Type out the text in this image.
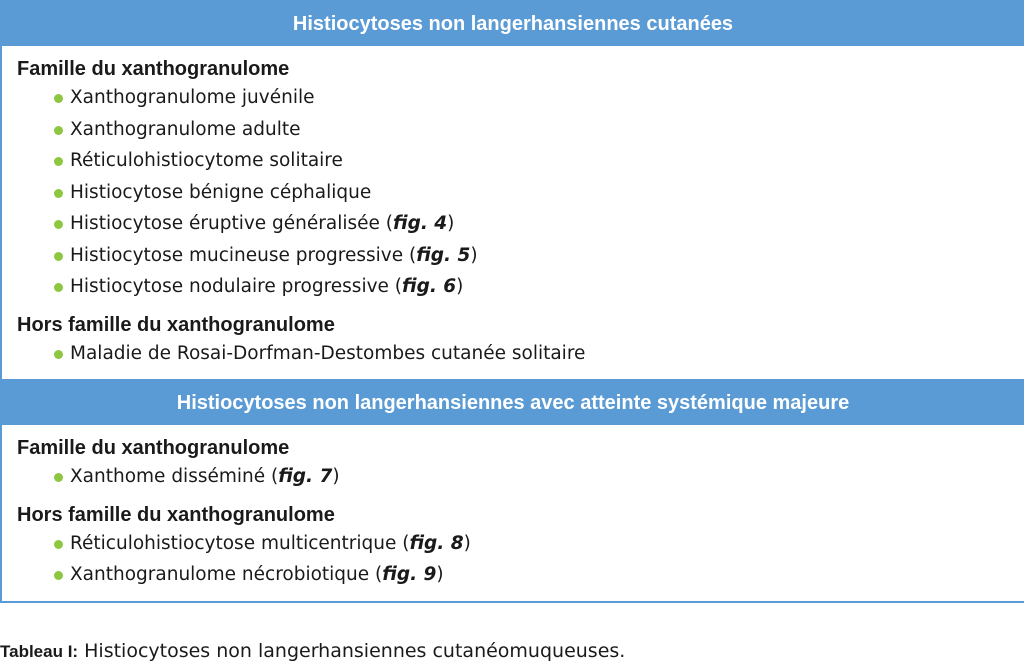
Histiocytoses non langerhansiennes cutanées
Famille du xanthogranulome
Xanthogranulome juvénile
Xanthogranulome adulte
Réticulohistiocytome solitaire
Histiocytose bénigne céphalique
Histiocytose éruptive généralisée (fig. 4)
Histiocytose mucineuse progressive (fig. 5)
Histiocytose nodulaire progressive (fig. 6)
Hors famille du xanthogranulome
Maladie de Rosai-Dorfman-Destombes cutanée solitaire
Histiocytoses non langerhansiennes avec atteinte systémique majeure
Famille du xanthogranulome
Xanthome disséminé (fig. 7)
Hors famille du xanthogranulome
Réticulohistiocytose multicentrique (fig. 8)
Xanthogranulome nécrobiotique (fig. 9)
Tableau I: Histiocytoses non langerhansiennes cutanéomuqueuses.
